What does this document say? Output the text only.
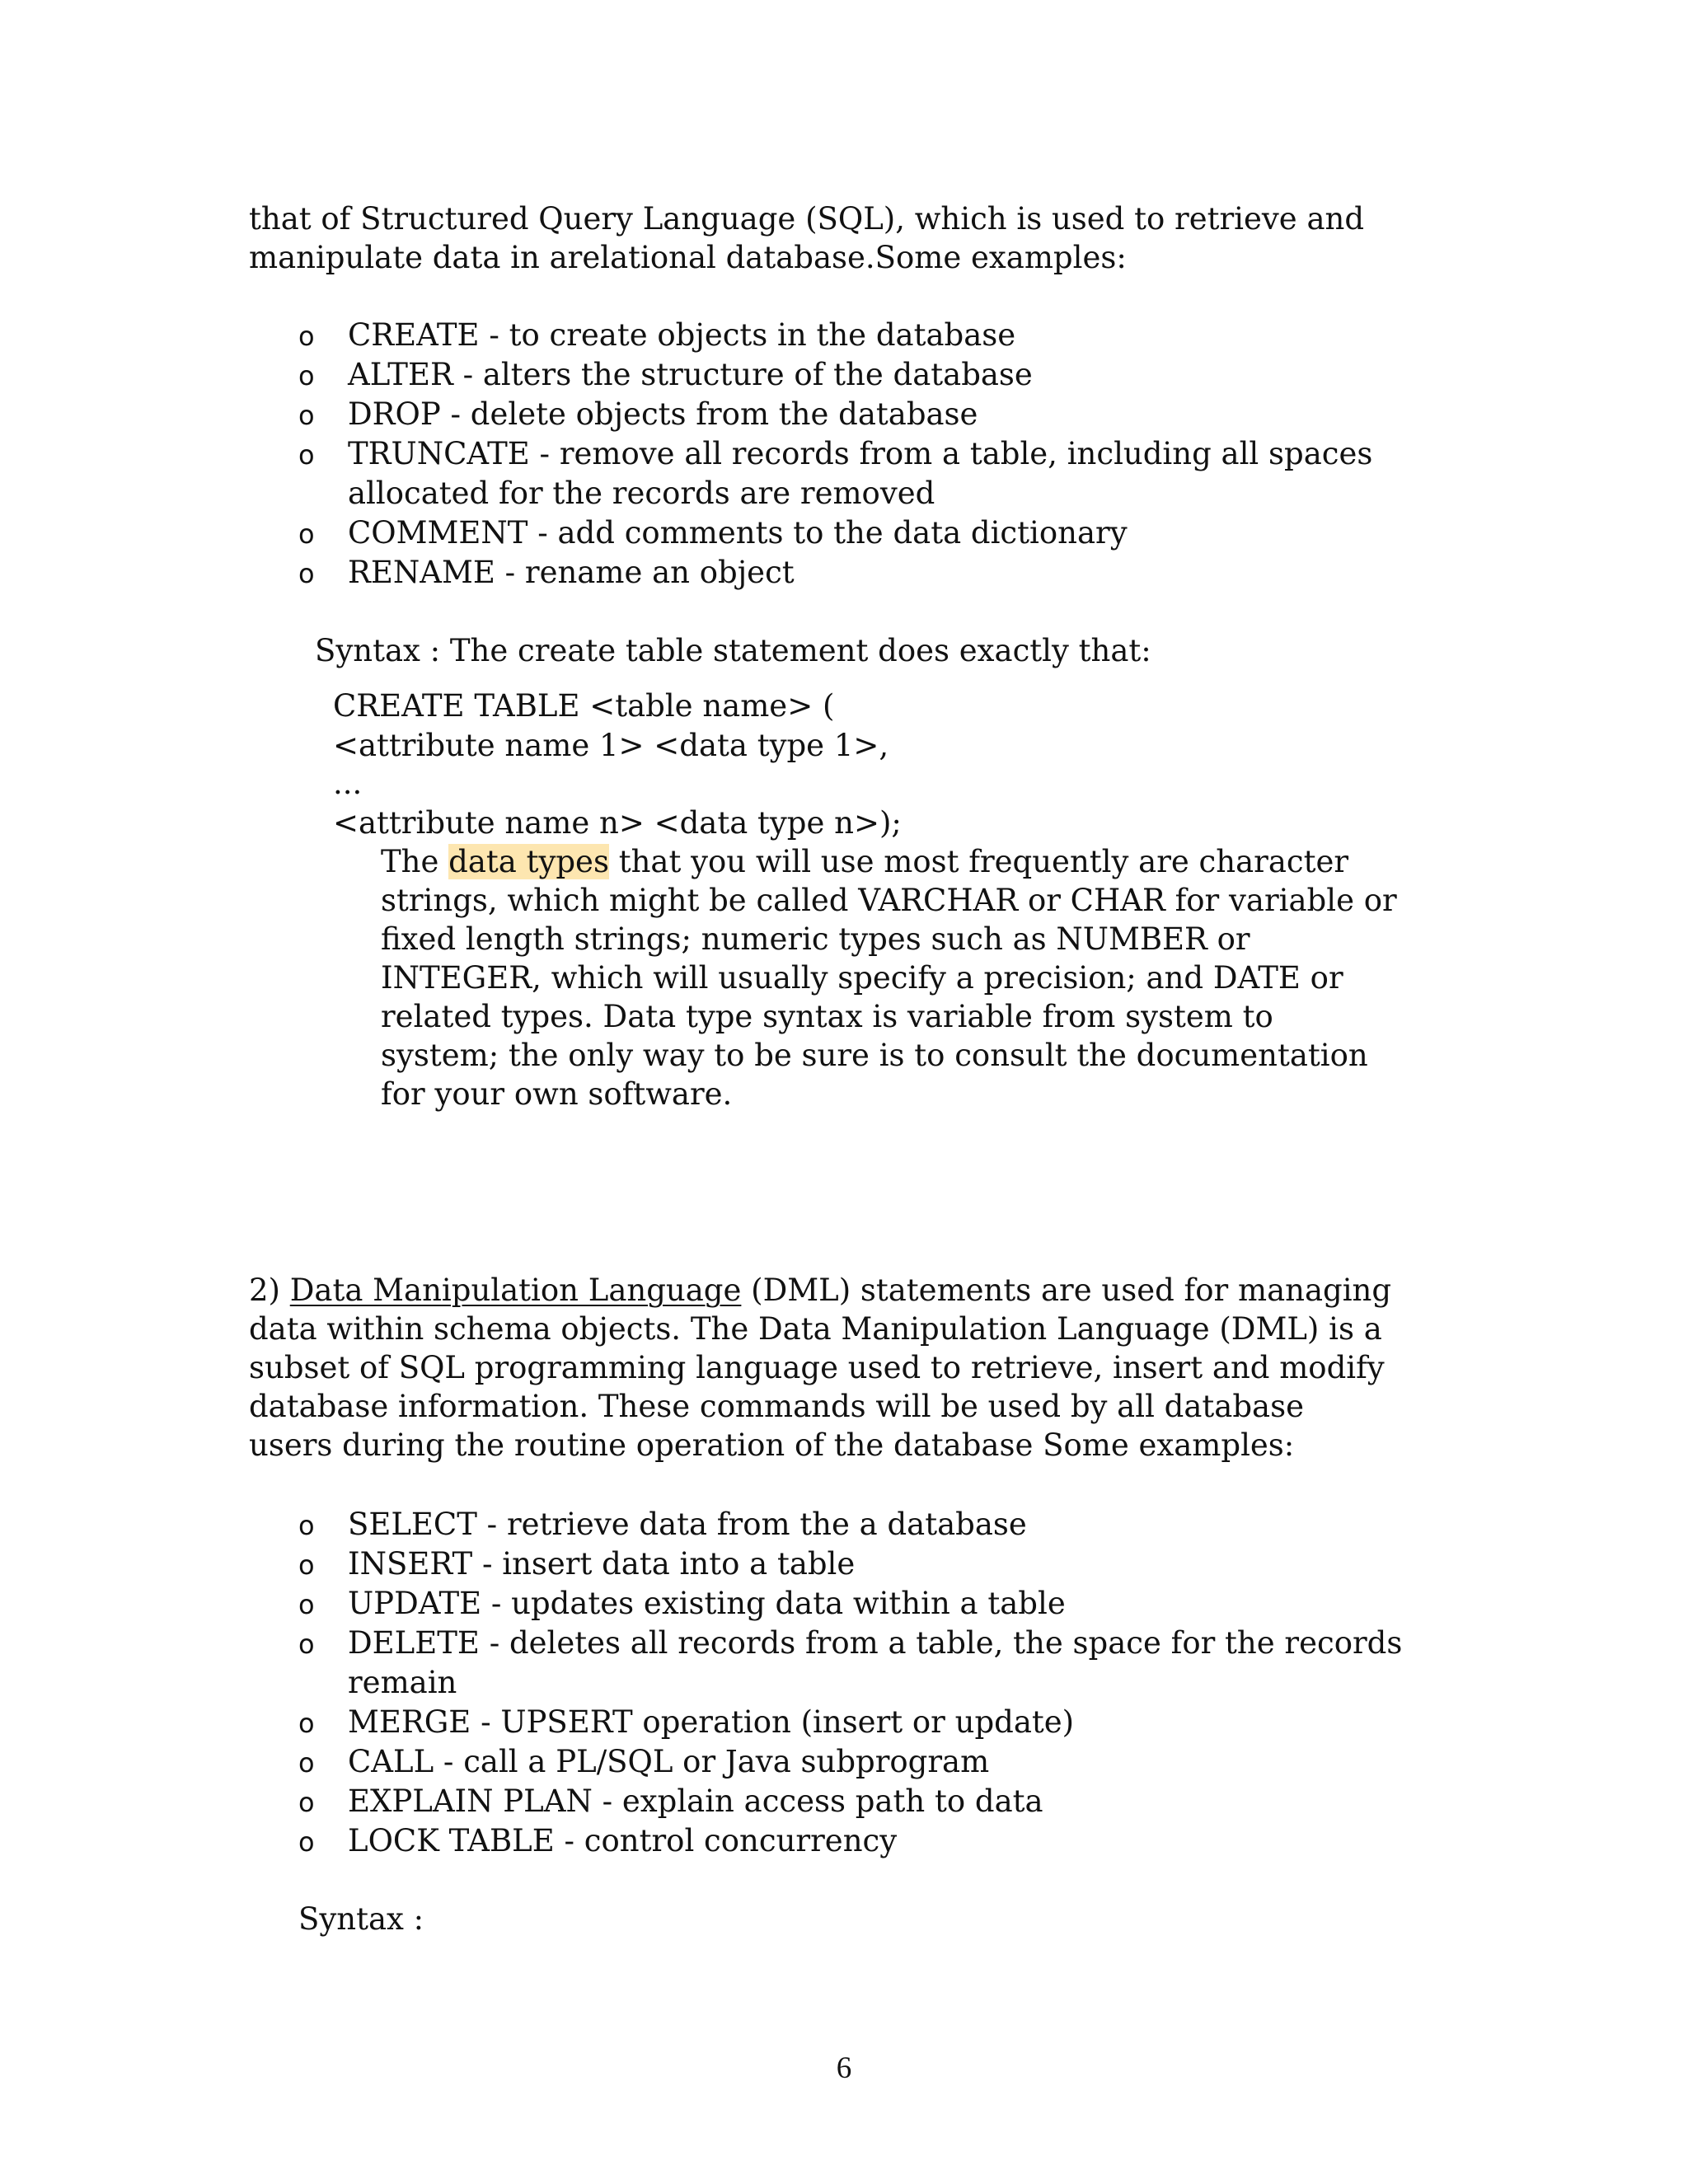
that of Structured Query Language (SQL), which is used to retrieve and
manipulate data in arelational database.Some examples:
o CREATE - to create objects in the database
o ALTER - alters the structure of the database
o DROP - delete objects from the database
o TRUNCATE - remove all records from a table, including all spaces
allocated for the records are removed
o COMMENT - add comments to the data dictionary
o RENAME - rename an object
Syntax : The create table statement does exactly that:
CREATE TABLE <table name> (
<attribute name 1> <data type 1>,
...
<attribute name n> <data type n>);
The data types that you will use most frequently are character
strings, which might be called VARCHAR or CHAR for variable or
fixed length strings; numeric types such as NUMBER or
INTEGER, which will usually specify a precision; and DATE or
related types. Data type syntax is variable from system to
system; the only way to be sure is to consult the documentation
for your own software.
2) Data Manipulation Language (DML) statements are used for managing
data within schema objects. The Data Manipulation Language (DML) is a
subset of SQL programming language used to retrieve, insert and modify
database information. These commands will be used by all database
users during the routine operation of the database Some examples:
o SELECT - retrieve data from the a database
o INSERT - insert data into a table
o UPDATE - updates existing data within a table
o DELETE - deletes all records from a table, the space for the records
remain
o MERGE - UPSERT operation (insert or update)
o CALL - call a PL/SQL or Java subprogram
o EXPLAIN PLAN - explain access path to data
o LOCK TABLE - control concurrency
Syntax :
6
